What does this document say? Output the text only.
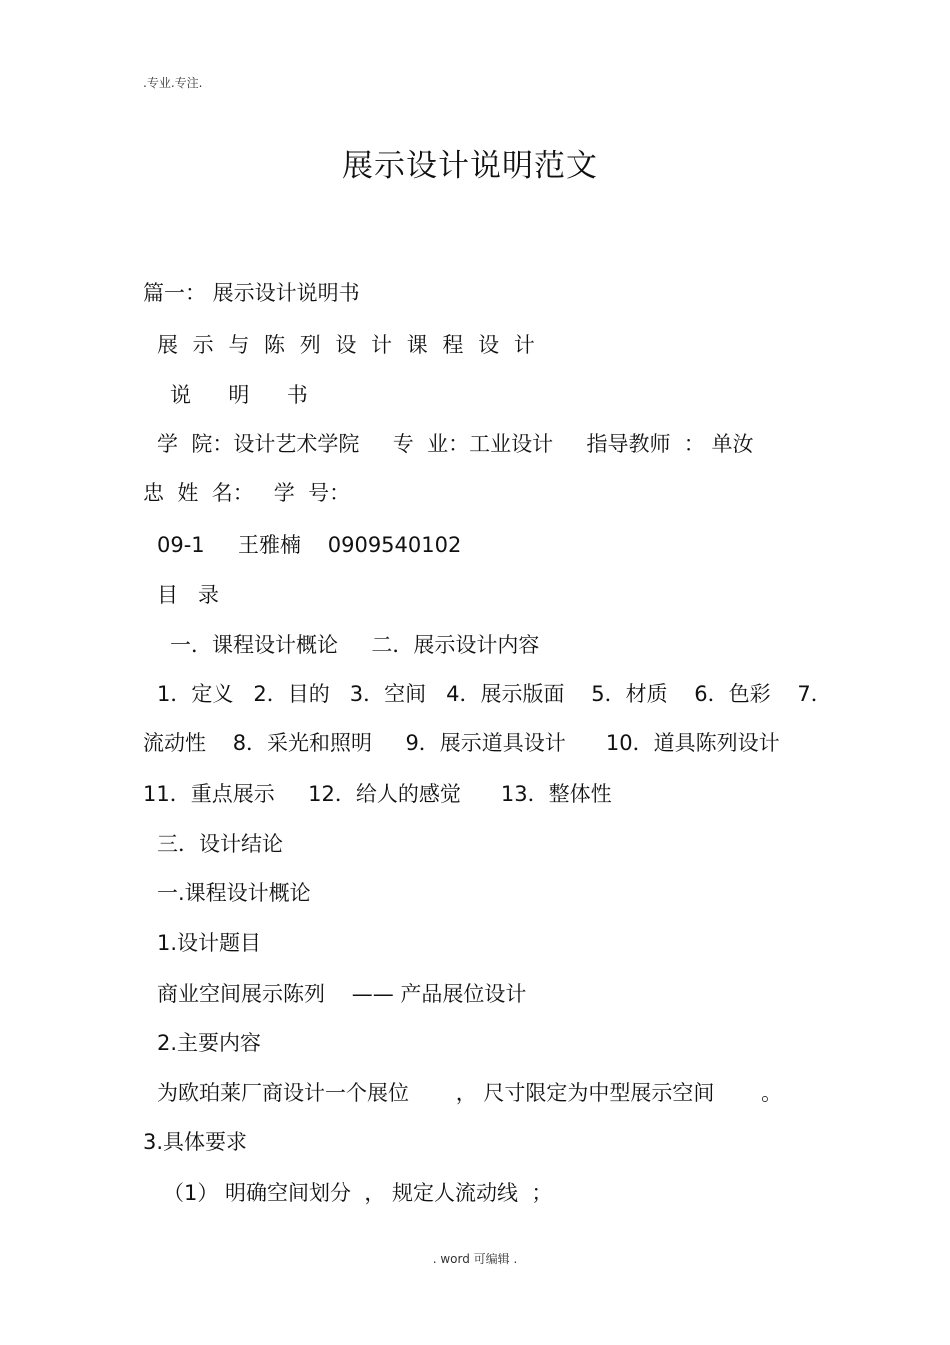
.专业.专注.
展示设计说明范文
篇一： 展示设计说明书
展 示 与 陈 列 设 计 课 程 设 计
说  明  书
学  院：设计艺术学院     专  业：工业设计     指导教师  ： 单汝
忠  姓  名：   学  号：
09-1     王雅楠    0909540102
目   录
一．课程设计概论     二．展示设计内容
1．定义   2．目的   3．空间   4．展示版面    5．材质    6．色彩    7．
流动性    8．采光和照明     9．展示道具设计      10．道具陈列设计
11．重点展示     12．给人的感觉      13．整体性
三．设计结论
一.课程设计概论
1.设计题目
商业空间展示陈列    —— 产品展位设计
2.主要内容
为欧珀莱厂商设计一个展位       ， 尺寸限定为中型展示空间       。
3.具体要求
（1） 明确空间划分  ， 规定人流动线  ；
. word 可编辑 .
